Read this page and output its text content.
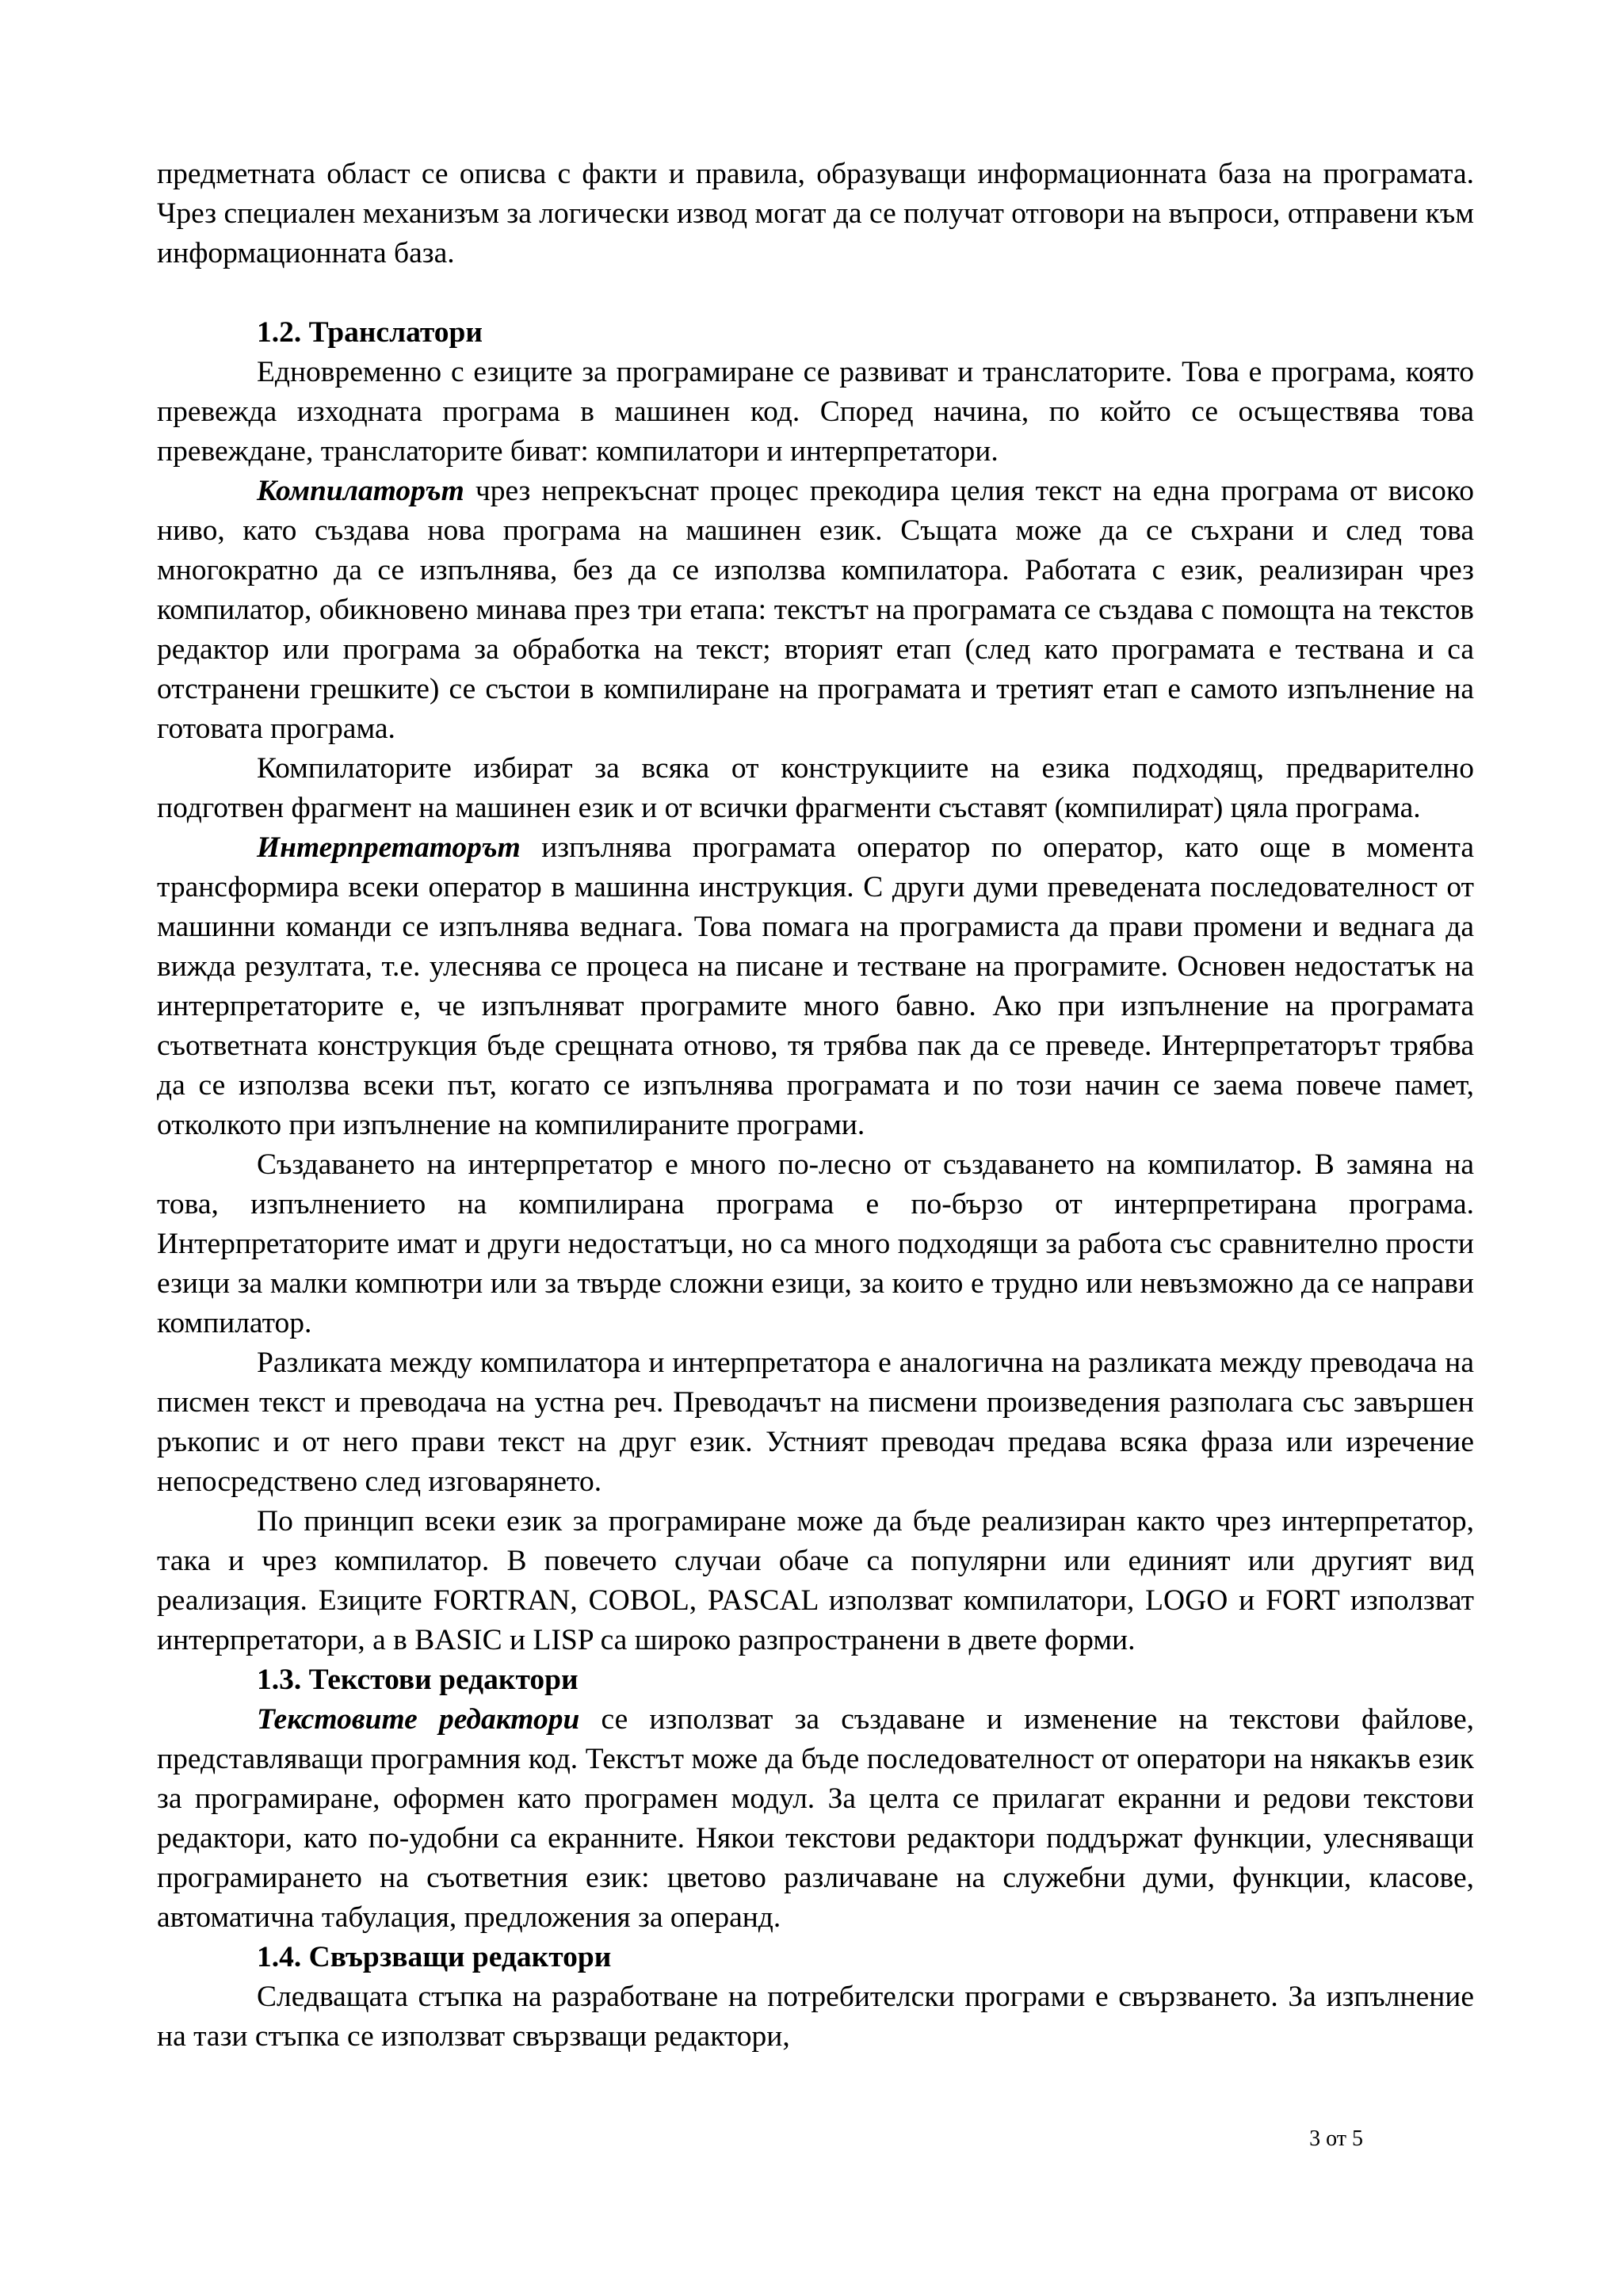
предметната област се описва с факти и правила, образуващи информационната база на програмата. Чрез специален механизъм за логически извод могат да се получат отговори на въпроси, отправени към информационната база.

1.2. Транслатори

Едновременно с езиците за програмиране се развиват и транслаторите. Това е програма, която превежда изходната програма в машинен код. Според начина, по който се осъществява това превеждане, транслаторите биват: компилатори и интерпретатори.

Компилаторът чрез непрекъснат процес прекодира целия текст на една програма от високо ниво, като създава нова програма на машинен език. Същата може да се съхрани и след това многократно да се изпълнява, без да се използва компилатора. Работата с език, реализиран чрез компилатор, обикновено минава през три етапа: текстът на програмата се създава с помощта на текстов редактор или програма за обработка на текст; вторият етап (след като програмата е тествана и са отстранени грешките) се състои в компилиране на програмата и третият етап е самото изпълнение на готовата програма.

Компилаторите избират за всяка от конструкциите на езика подходящ, предварително подготвен фрагмент на машинен език и от всички фрагменти съставят (компилират) цяла програма.

Интерпретаторът изпълнява програмата оператор по оператор, като още в момента трансформира всеки оператор в машинна инструкция. С други думи преведената последователност от машинни команди се изпълнява веднага. Това помага на програмиста да прави промени и веднага да вижда резултата, т.е. улеснява се процеса на писане и тестване на програмите. Основен недостатък на интерпретаторите е, че изпълняват програмите много бавно. Ако при изпълнение на програмата съответната конструкция бъде срещната отново, тя трябва пак да се преведе. Интерпретаторът трябва да се използва всеки път, когато се изпълнява програмата и по този начин се заема повече памет, отколкото при изпълнение на компилираните програми.

Създаването на интерпретатор е много по-лесно от създаването на компилатор. В замяна на това, изпълнението на компилирана програма е по-бързо от интерпретирана програма. Интерпретаторите имат и други недостатъци, но са много подходящи за работа със сравнително прости езици за малки компютри или за твърде сложни езици, за които е трудно или невъзможно да се направи компилатор.

Разликата между компилатора и интерпретатора е аналогична на разликата между преводача на писмен текст и преводача на устна реч. Преводачът на писмени произведения разполага със завършен ръкопис и от него прави текст на друг език. Устният преводач предава всяка фраза или изречение непосредствено след изговарянето.

По принцип всеки език за програмиране може да бъде реализиран както чрез интерпретатор, така и чрез компилатор. В повечето случаи обаче са популярни или единият или другият вид реализация. Езиците FORTRAN, COBOL, PASCAL използват компилатори, LOGO и FORT използват интерпретатори, а в BASIC и LISP са широко разпространени в двете форми.

1.3. Текстови редактори

Текстовите редактори се използват за създаване и изменение на текстови файлове, представляващи програмния код. Текстът може да бъде последователност от оператори на някакъв език за програмиране, оформен като програмен модул. За целта се прилагат екранни и редови текстови редактори, като по-удобни са екранните. Някои текстови редактори поддържат функции, улесняващи програмирането на съответния език: цветово различаване на служебни думи, функции, класове, автоматична табулация, предложения за операнд.

1.4. Свързващи редактори

Следващата стъпка на разработване на потребителски програми е свързването. За изпълнение на тази стъпка се използват свързващи редактори,

3 от 5
